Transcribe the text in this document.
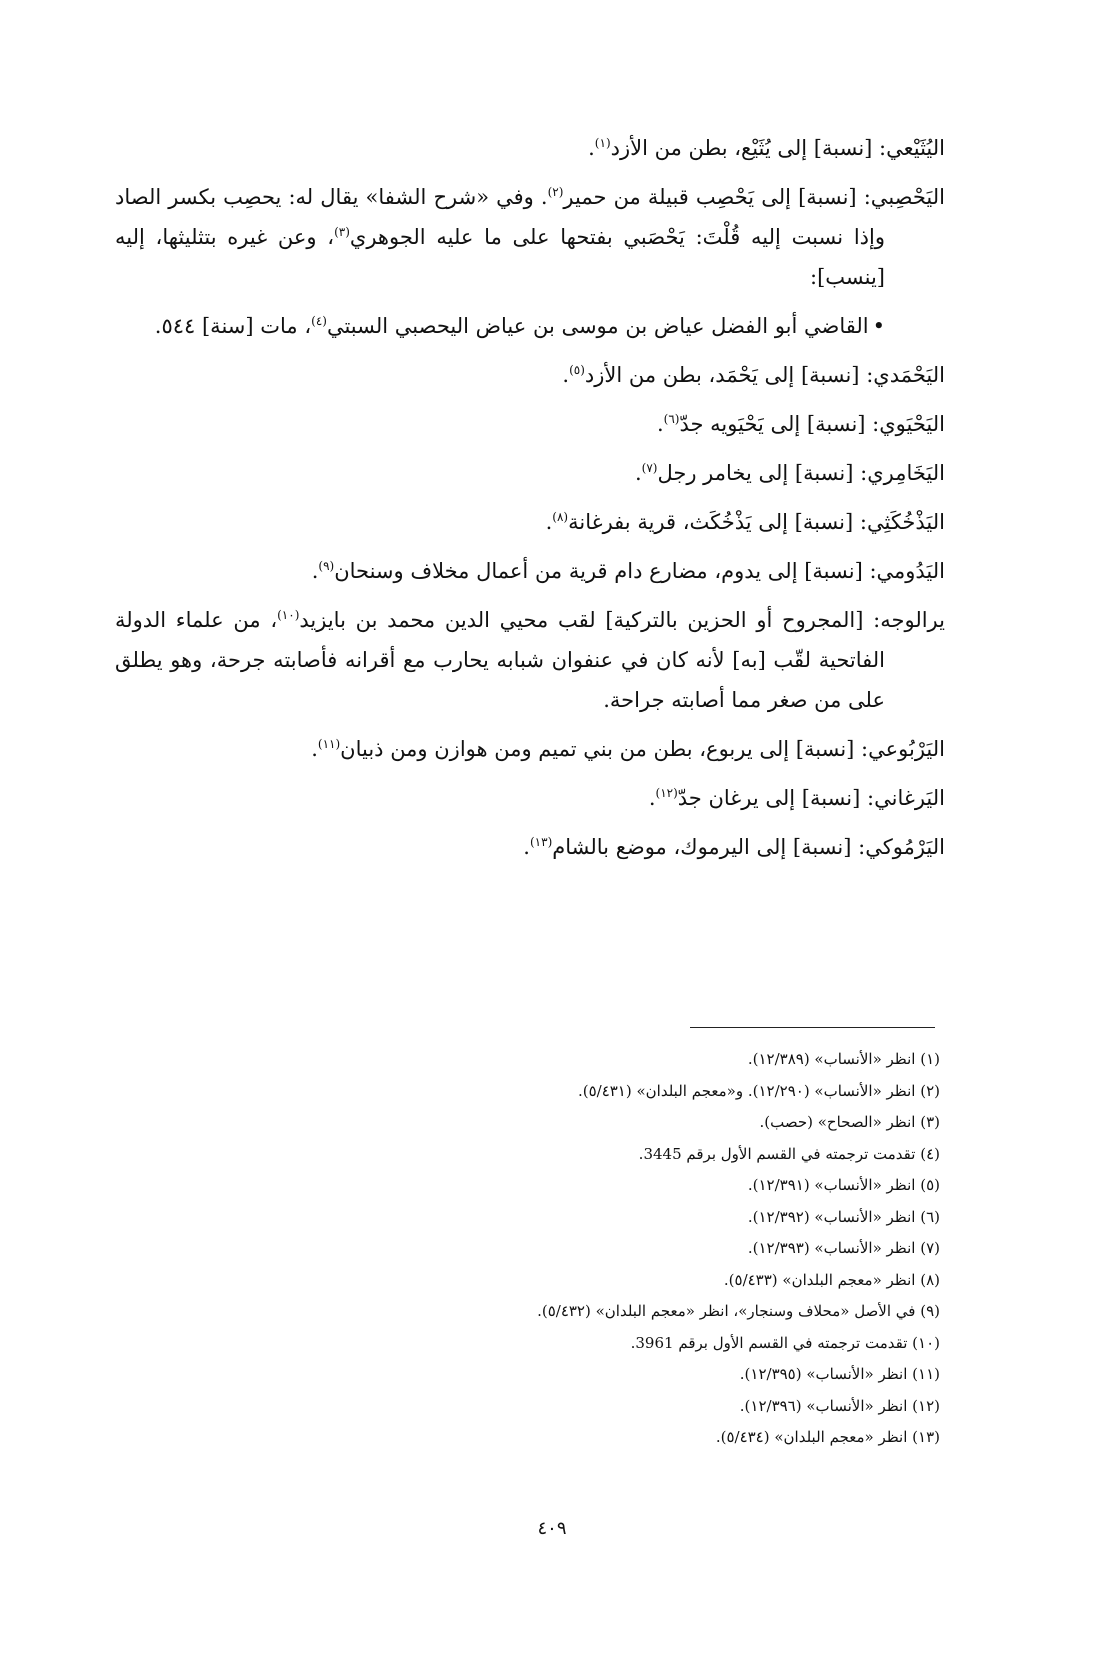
اليُثَيْعي: [نسبة] إلى يُثَيْع، بطن من الأزد$^{(١)}$.

اليَحْصِبي: [نسبة] إلى يَحْصِب قبيلة من حمير$^{(٢)}$. وفي «شرح الشفا» يقال له: يحصِب بكسر الصاد وإذا نسبت إليه قُلْتَ: يَحْصَبي بفتحها على ما عليه الجوهري$^{(٣)}$، وعن غيره بتثليثها، إليه [ينسب]:

•القاضي أبو الفضل عياض بن موسى بن عياض اليحصبي السبتي$^{(٤)}$، مات [سنة] ٥٤٤.

اليَحْمَدي: [نسبة] إلى يَحْمَد، بطن من الأزد$^{(٥)}$.

اليَحْيَوي: [نسبة] إلى يَحْيَويه جدّ$^{(٦)}$.

اليَخَامِري: [نسبة] إلى يخامر رجل$^{(٧)}$.

اليَذْخُكَثِي: [نسبة] إلى يَذْخُكَث، قرية بفرغانة$^{(٨)}$.

اليَدُومي: [نسبة] إلى يدوم، مضارع دام قرية من أعمال مخلاف وسنحان$^{(٩)}$.

يرالوجه: [المجروح أو الحزين بالتركية] لقب محيي الدين محمد بن بايزيد$^{(١٠)}$، من علماء الدولة الفاتحية لقّب [به] لأنه كان في عنفوان شبابه يحارب مع أقرانه فأصابته جرحة، وهو يطلق على من صغر مما أصابته جراحة.

اليَرْبُوعي: [نسبة] إلى يربوع، بطن من بني تميم ومن هوازن ومن ذبيان$^{(١١)}$.

اليَرغاني: [نسبة] إلى يرغان جدّ$^{(١٢)}$.

اليَرْمُوكي: [نسبة] إلى اليرموك، موضع بالشام$^{(١٣)}$.

(١) انظر «الأنساب» (١٢/٣٨٩).

(٢) انظر «الأنساب» (١٢/٢٩٠). و«معجم البلدان» (٥/٤٣١).

(٣) انظر «الصحاح» (حصب).

(٤) تقدمت ترجمته في القسم الأول برقم 3445.

(٥) انظر «الأنساب» (١٢/٣٩١).

(٦) انظر «الأنساب» (١٢/٣٩٢).

(٧) انظر «الأنساب» (١٢/٣٩٣).

(٨) انظر «معجم البلدان» (٥/٤٣٣).

(٩) في الأصل «محلاف وسنجار»، انظر «معجم البلدان» (٥/٤٣٢).

(١٠) تقدمت ترجمته في القسم الأول برقم 3961.

(١١) انظر «الأنساب» (١٢/٣٩٥).

(١٢) انظر «الأنساب» (١٢/٣٩٦).

(١٣) انظر «معجم البلدان» (٥/٤٣٤).

٤٠٩
